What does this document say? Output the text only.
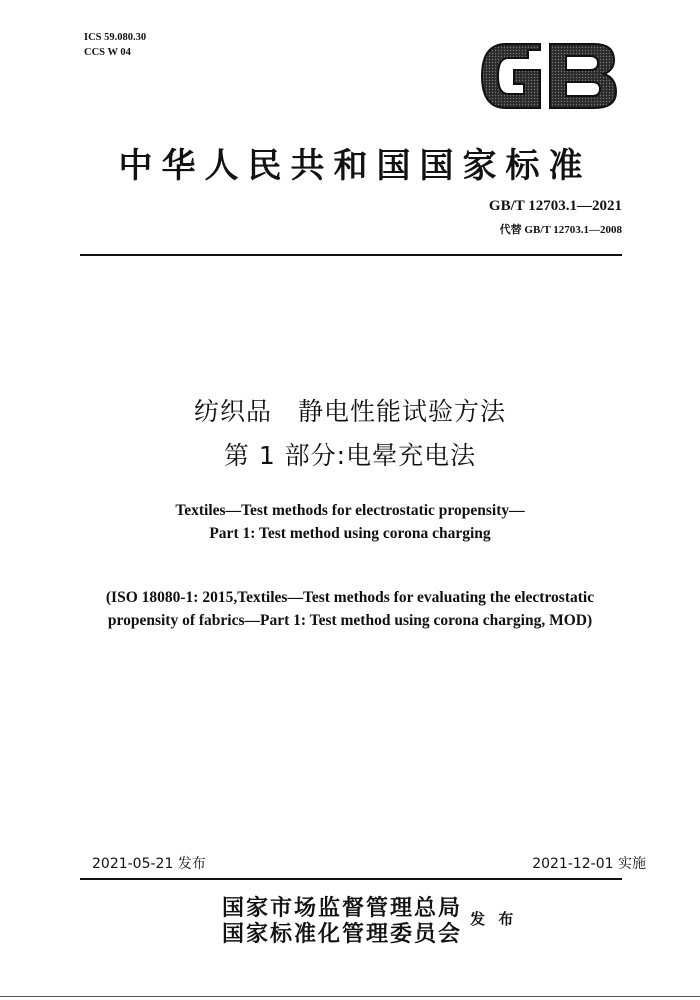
ICS 59.080.30
CCS W 04
中华人民共和国国家标准
GB/T 12703.1—2021
代替 GB/T 12703.1—2008
纺织品　静电性能试验方法
第 1 部分:电晕充电法
Textiles—Test methods for electrostatic propensity—
Part 1: Test method using corona charging
(ISO 18080-1: 2015,Textiles—Test methods for evaluating the electrostatic
propensity of fabrics—Part 1: Test method using corona charging, MOD)
2021-05-21 发布	2021-12-01 实施
国家市场监督管理总局
国家标准化管理委员会
发 布
